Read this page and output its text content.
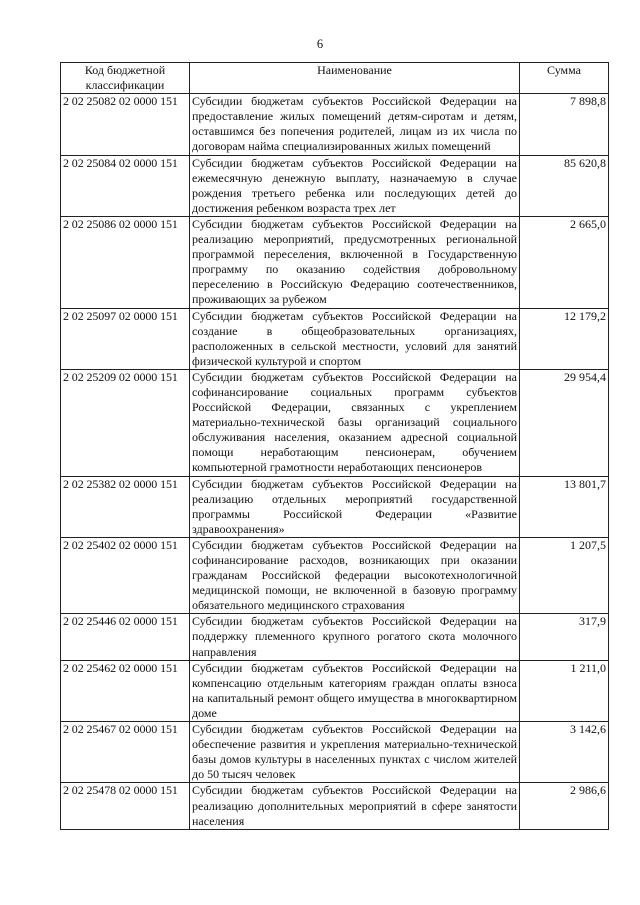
6
Код бюджетной классификации	Наименование	Сумма
2 02 25082 02 0000 151	Субсидии бюджетам субъектов Российской Федерации на предоставление жилых помещений детям-сиротам и детям, оставшимся без попечения родителей, лицам из их числа по договорам найма специализированных жилых помещений	7 898,8
2 02 25084 02 0000 151	Субсидии бюджетам субъектов Российской Федерации на ежемесячную денежную выплату, назначаемую в случае рождения третьего ребенка или последующих детей до достижения ребенком возраста трех лет	85 620,8
2 02 25086 02 0000 151	Субсидии бюджетам субъектов Российской Федерации на реализацию мероприятий, предусмотренных региональной программой переселения, включенной в Государственную программу по оказанию содействия добровольному переселению в Российскую Федерацию соотечественников, проживающих за рубежом	2 665,0
2 02 25097 02 0000 151	Субсидии бюджетам субъектов Российской Федерации на создание в общеобразовательных организациях, расположенных в сельской местности, условий для занятий физической культурой и спортом	12 179,2
2 02 25209 02 0000 151	Субсидии бюджетам субъектов Российской Федерации на софинансирование социальных программ субъектов Российской Федерации, связанных с укреплением материально-технической базы организаций социального обслуживания населения, оказанием адресной социальной помощи неработающим пенсионерам, обучением компьютерной грамотности неработающих пенсионеров	29 954,4
2 02 25382 02 0000 151	Субсидии бюджетам субъектов Российской Федерации на реализацию отдельных мероприятий государственной программы Российской Федерации «Развитие здравоохранения»	13 801,7
2 02 25402 02 0000 151	Субсидии бюджетам субъектов Российской Федерации на софинансирование расходов, возникающих при оказании гражданам Российской федерации высокотехнологичной медицинской помощи, не включенной в базовую программу обязательного медицинского страхования	1 207,5
2 02 25446 02 0000 151	Субсидии бюджетам субъектов Российской Федерации на поддержку племенного крупного рогатого скота молочного направления	317,9
2 02 25462 02 0000 151	Субсидии бюджетам субъектов Российской Федерации на компенсацию отдельным категориям граждан оплаты взноса на капитальный ремонт общего имущества в многоквартирном доме	1 211,0
2 02 25467 02 0000 151	Субсидии бюджетам субъектов Российской Федерации на обеспечение развития и укрепления материально-технической базы домов культуры в населенных пунктах с числом жителей до 50 тысяч человек	3 142,6
2 02 25478 02 0000 151	Субсидии бюджетам субъектов Российской Федерации на реализацию дополнительных мероприятий в сфере занятости населения	2 986,6
